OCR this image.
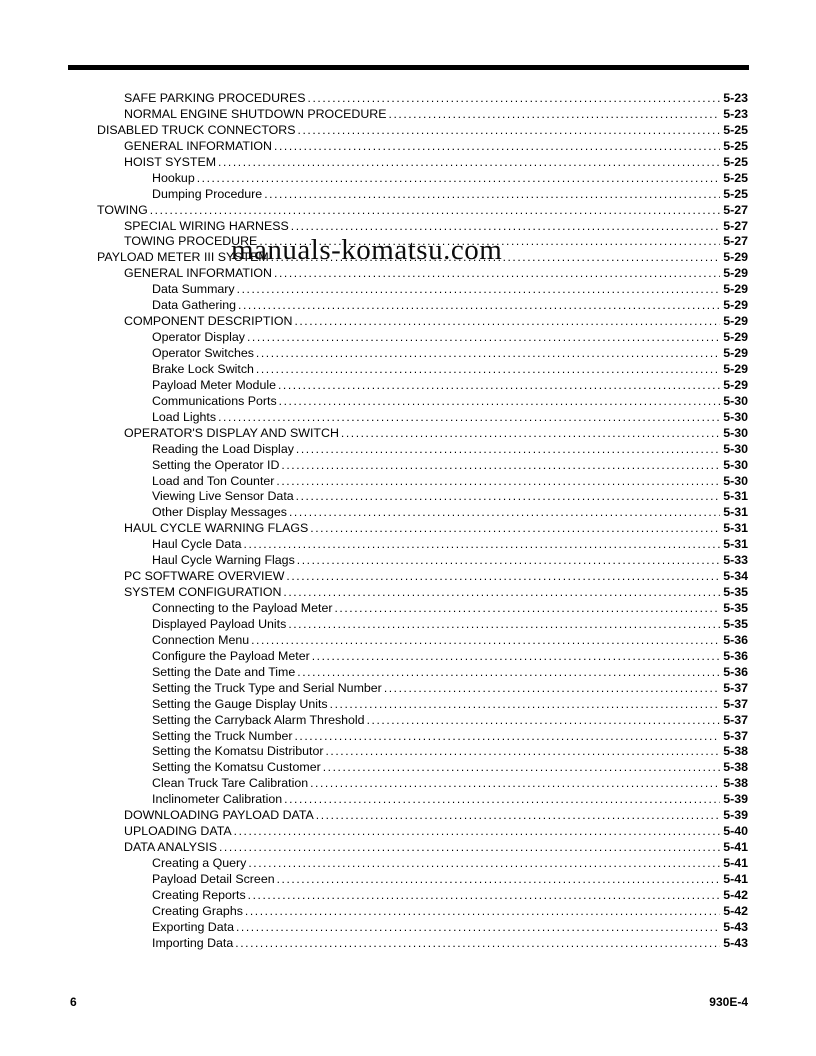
SAFE PARKING PROCEDURES .....	5-23
NORMAL ENGINE SHUTDOWN PROCEDURE .....	5-23
DISABLED TRUCK CONNECTORS .....	5-25
GENERAL INFORMATION .....	5-25
HOIST SYSTEM .....	5-25
Hookup .....	5-25
Dumping Procedure .....	5-25
TOWING .....	5-27
SPECIAL WIRING HARNESS .....	5-27
TOWING PROCEDURE .....	5-27
PAYLOAD METER III SYSTEM .....	5-29
GENERAL INFORMATION .....	5-29
Data Summary .....	5-29
Data Gathering .....	5-29
COMPONENT DESCRIPTION .....	5-29
Operator Display .....	5-29
Operator Switches .....	5-29
Brake Lock Switch .....	5-29
Payload Meter Module .....	5-29
Communications Ports .....	5-30
Load Lights .....	5-30
OPERATOR'S DISPLAY AND SWITCH .....	5-30
Reading the Load Display .....	5-30
Setting the Operator ID .....	5-30
Load and Ton Counter .....	5-30
Viewing Live Sensor Data .....	5-31
Other Display Messages .....	5-31
HAUL CYCLE WARNING FLAGS .....	5-31
Haul Cycle Data .....	5-31
Haul Cycle Warning Flags .....	5-33
PC SOFTWARE OVERVIEW .....	5-34
SYSTEM CONFIGURATION .....	5-35
Connecting to the Payload Meter .....	5-35
Displayed Payload Units .....	5-35
Connection Menu .....	5-36
Configure the Payload Meter .....	5-36
Setting the Date and Time .....	5-36
Setting the Truck Type and Serial Number .....	5-37
Setting the Gauge Display Units .....	5-37
Setting the Carryback Alarm Threshold .....	5-37
Setting the Truck Number .....	5-37
Setting the Komatsu Distributor .....	5-38
Setting the Komatsu Customer .....	5-38
Clean Truck Tare Calibration .....	5-38
Inclinometer Calibration .....	5-39
DOWNLOADING PAYLOAD DATA .....	5-39
UPLOADING DATA .....	5-40
DATA ANALYSIS .....	5-41
Creating a Query .....	5-41
Payload Detail Screen .....	5-41
Creating Reports .....	5-42
Creating Graphs .....	5-42
Exporting Data .....	5-43
Importing Data .....	5-43
manuals-komatsu.com
6	930E-4
